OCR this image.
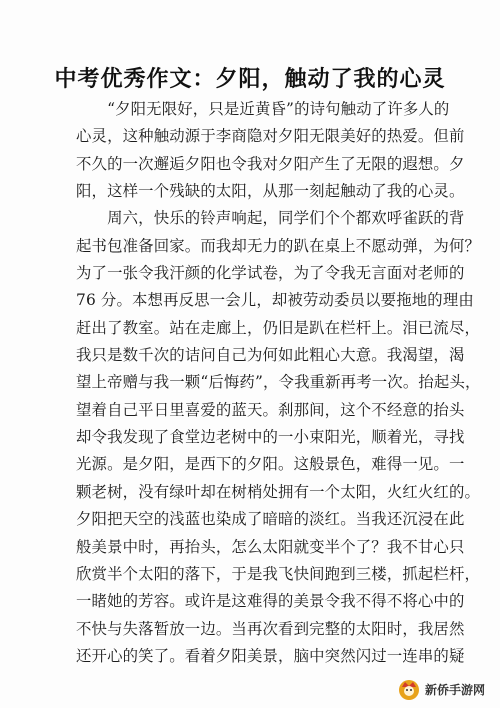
中考优秀作文：夕阳，触动了我的心灵
　　“夕阳无限好，只是近黄昏”的诗句触动了许多人的
心灵，这种触动源于李商隐对夕阳无限美好的热爱。但前
不久的一次邂逅夕阳也令我对夕阳产生了无限的遐想。夕
阳，这样一个残缺的太阳，从那一刻起触动了我的心灵。
　　周六，快乐的铃声响起，同学们个个都欢呼雀跃的背
起书包准备回家。而我却无力的趴在桌上不愿动弹，为何？
为了一张令我汗颜的化学试卷，为了令我无言面对老师的
76 分。本想再反思一会儿，却被劳动委员以要拖地的理由
赶出了教室。站在走廊上，仍旧是趴在栏杆上。泪已流尽，
我只是数千次的诘问自己为何如此粗心大意。我渴望，渴
望上帝赠与我一颗“后悔药”，令我重新再考一次。抬起头，
望着自己平日里喜爱的蓝天。刹那间，这个不经意的抬头
却令我发现了食堂边老树中的一小束阳光，顺着光，寻找
光源。是夕阳，是西下的夕阳。这般景色，难得一见。一
颗老树，没有绿叶却在树梢处拥有一个太阳，火红火红的。
夕阳把天空的浅蓝也染成了暗暗的淡红。当我还沉浸在此
般美景中时，再抬头，怎么太阳就变半个了？我不甘心只
欣赏半个太阳的落下，于是我飞快间跑到三楼，抓起栏杆，
一睹她的芳容。或许是这难得的美景令我不得不将心中的
不快与失落暂放一边。当再次看到完整的太阳时，我居然
还开心的笑了。看着夕阳美景，脑中突然闪过一连串的疑
新侨手游网
